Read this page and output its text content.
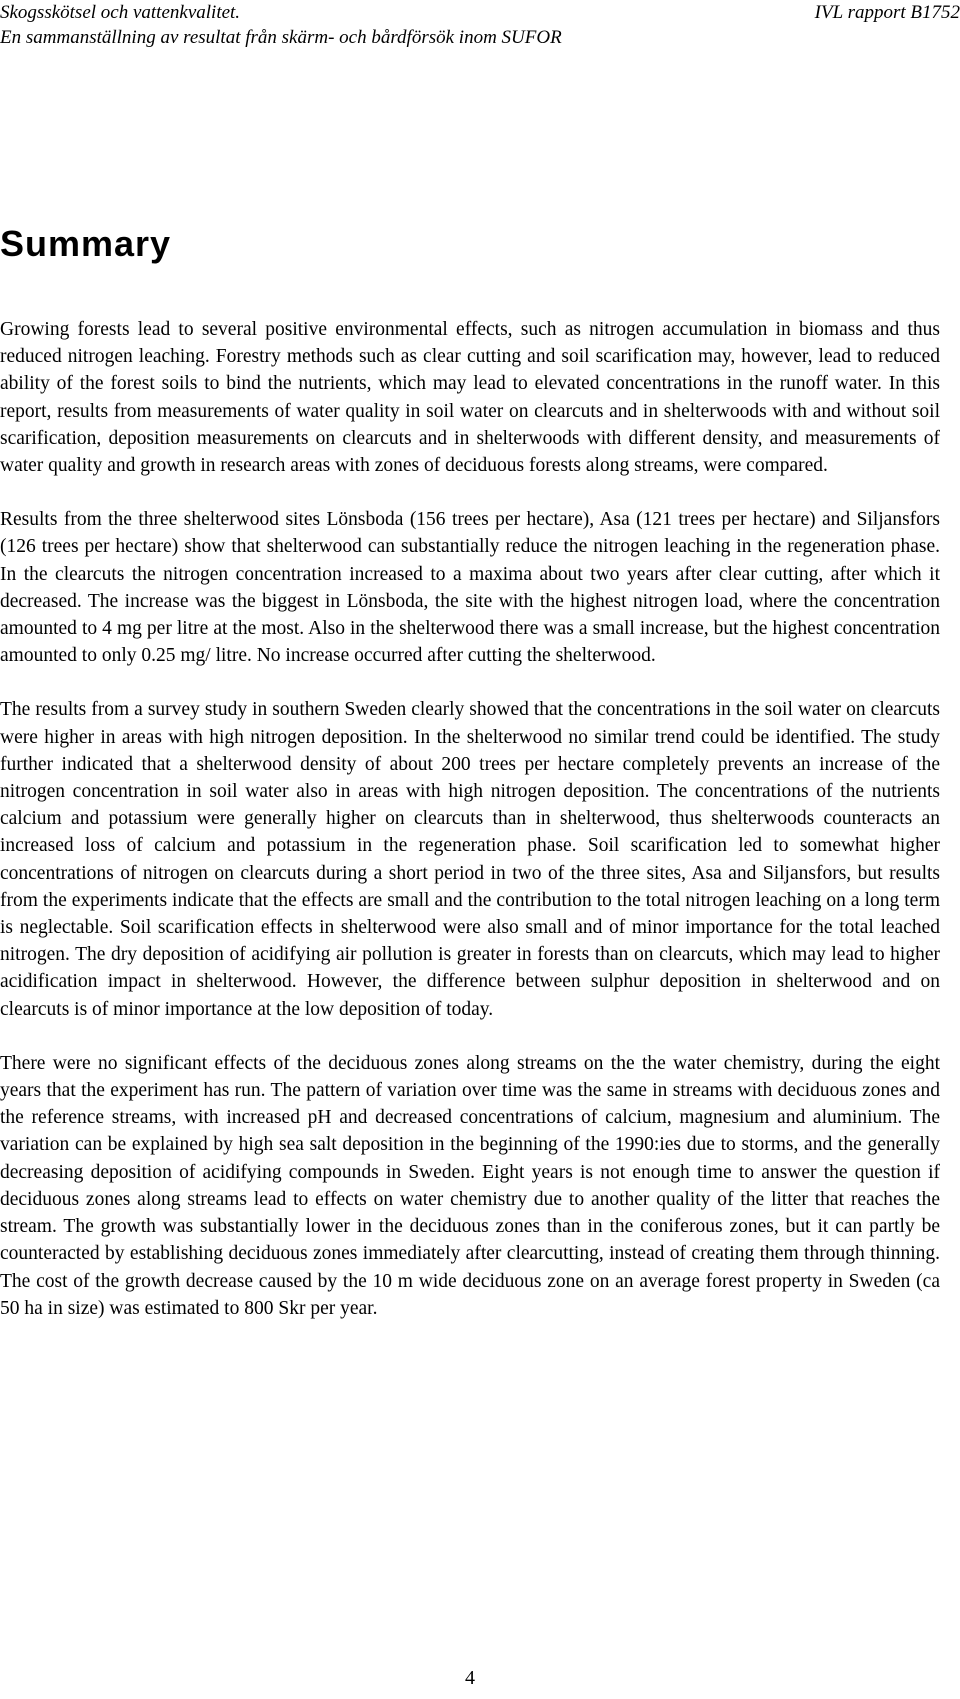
Skogsskötsel och vattenkvalitet.
En sammanställning av resultat från skärm- och bårdförsök inom SUFOR
IVL rapport B1752
Summary

Growing forests lead to several positive environmental effects, such as nitrogen accumulation in biomass and thus reduced nitrogen leaching. Forestry methods such as clear cutting and soil scarification may, however, lead to reduced ability of the forest soils to bind the nutrients, which may lead to elevated concentrations in the runoff water. In this report, results from measurements of water quality in soil water on clearcuts and in shelterwoods with and without soil scarification, deposition measurements on clearcuts and in shelterwoods with different density, and measurements of water quality and growth in research areas with zones of deciduous forests along streams, were compared.

Results from the three shelterwood sites Lönsboda (156 trees per hectare), Asa (121 trees per hectare) and Siljansfors (126 trees per hectare) show that shelterwood can substantially reduce the nitrogen leaching in the regeneration phase. In the clearcuts the nitrogen concentration increased to a maxima about two years after clear cutting, after which it decreased. The increase was the biggest in Lönsboda, the site with the highest nitrogen load, where the concentration amounted to 4 mg per litre at the most. Also in the shelterwood there was a small increase, but the highest concentration amounted to only 0.25 mg/ litre. No increase occurred after cutting the shelterwood.

The results from a survey study in southern Sweden clearly showed that the concentrations in the soil water on clearcuts were higher in areas with high nitrogen deposition. In the shelterwood no similar trend could be identified. The study further indicated that a shelterwood density of about 200 trees per hectare completely prevents an increase of the nitrogen concentration in soil water also in areas with high nitrogen deposition. The concentrations of the nutrients calcium and potassium were generally higher on clearcuts than in shelterwood, thus shelterwoods counteracts an increased loss of calcium and potassium in the regeneration phase. Soil scarification led to somewhat higher concentrations of nitrogen on clearcuts during a short period in two of the three sites, Asa and Siljansfors, but results from the experiments indicate that the effects are small and the contribution to the total nitrogen leaching on a long term is neglectable. Soil scarification effects in shelterwood were also small and of minor importance for the total leached nitrogen. The dry deposition of acidifying air pollution is greater in forests than on clearcuts, which may lead to higher acidification impact in shelterwood. However, the difference between sulphur deposition in shelterwood and on clearcuts is of minor importance at the low deposition of today.

There were no significant effects of the deciduous zones along streams on the the water chemistry, during the eight years that the experiment has run. The pattern of variation over time was the same in streams with deciduous zones and the reference streams, with increased pH and decreased concentrations of calcium, magnesium and aluminium. The variation can be explained by high sea salt deposition in the beginning of the 1990:ies due to storms, and the generally decreasing deposition of acidifying compounds in Sweden. Eight years is not enough time to answer the question if deciduous zones along streams lead to effects on water chemistry due to another quality of the litter that reaches the stream. The growth was substantially lower in the deciduous zones than in the coniferous zones, but it can partly be counteracted by establishing deciduous zones immediately after clearcutting, instead of creating them through thinning. The cost of the growth decrease caused by the 10 m wide deciduous zone on an average forest property in Sweden (ca 50 ha in size) was estimated to 800 Skr per year.

4
